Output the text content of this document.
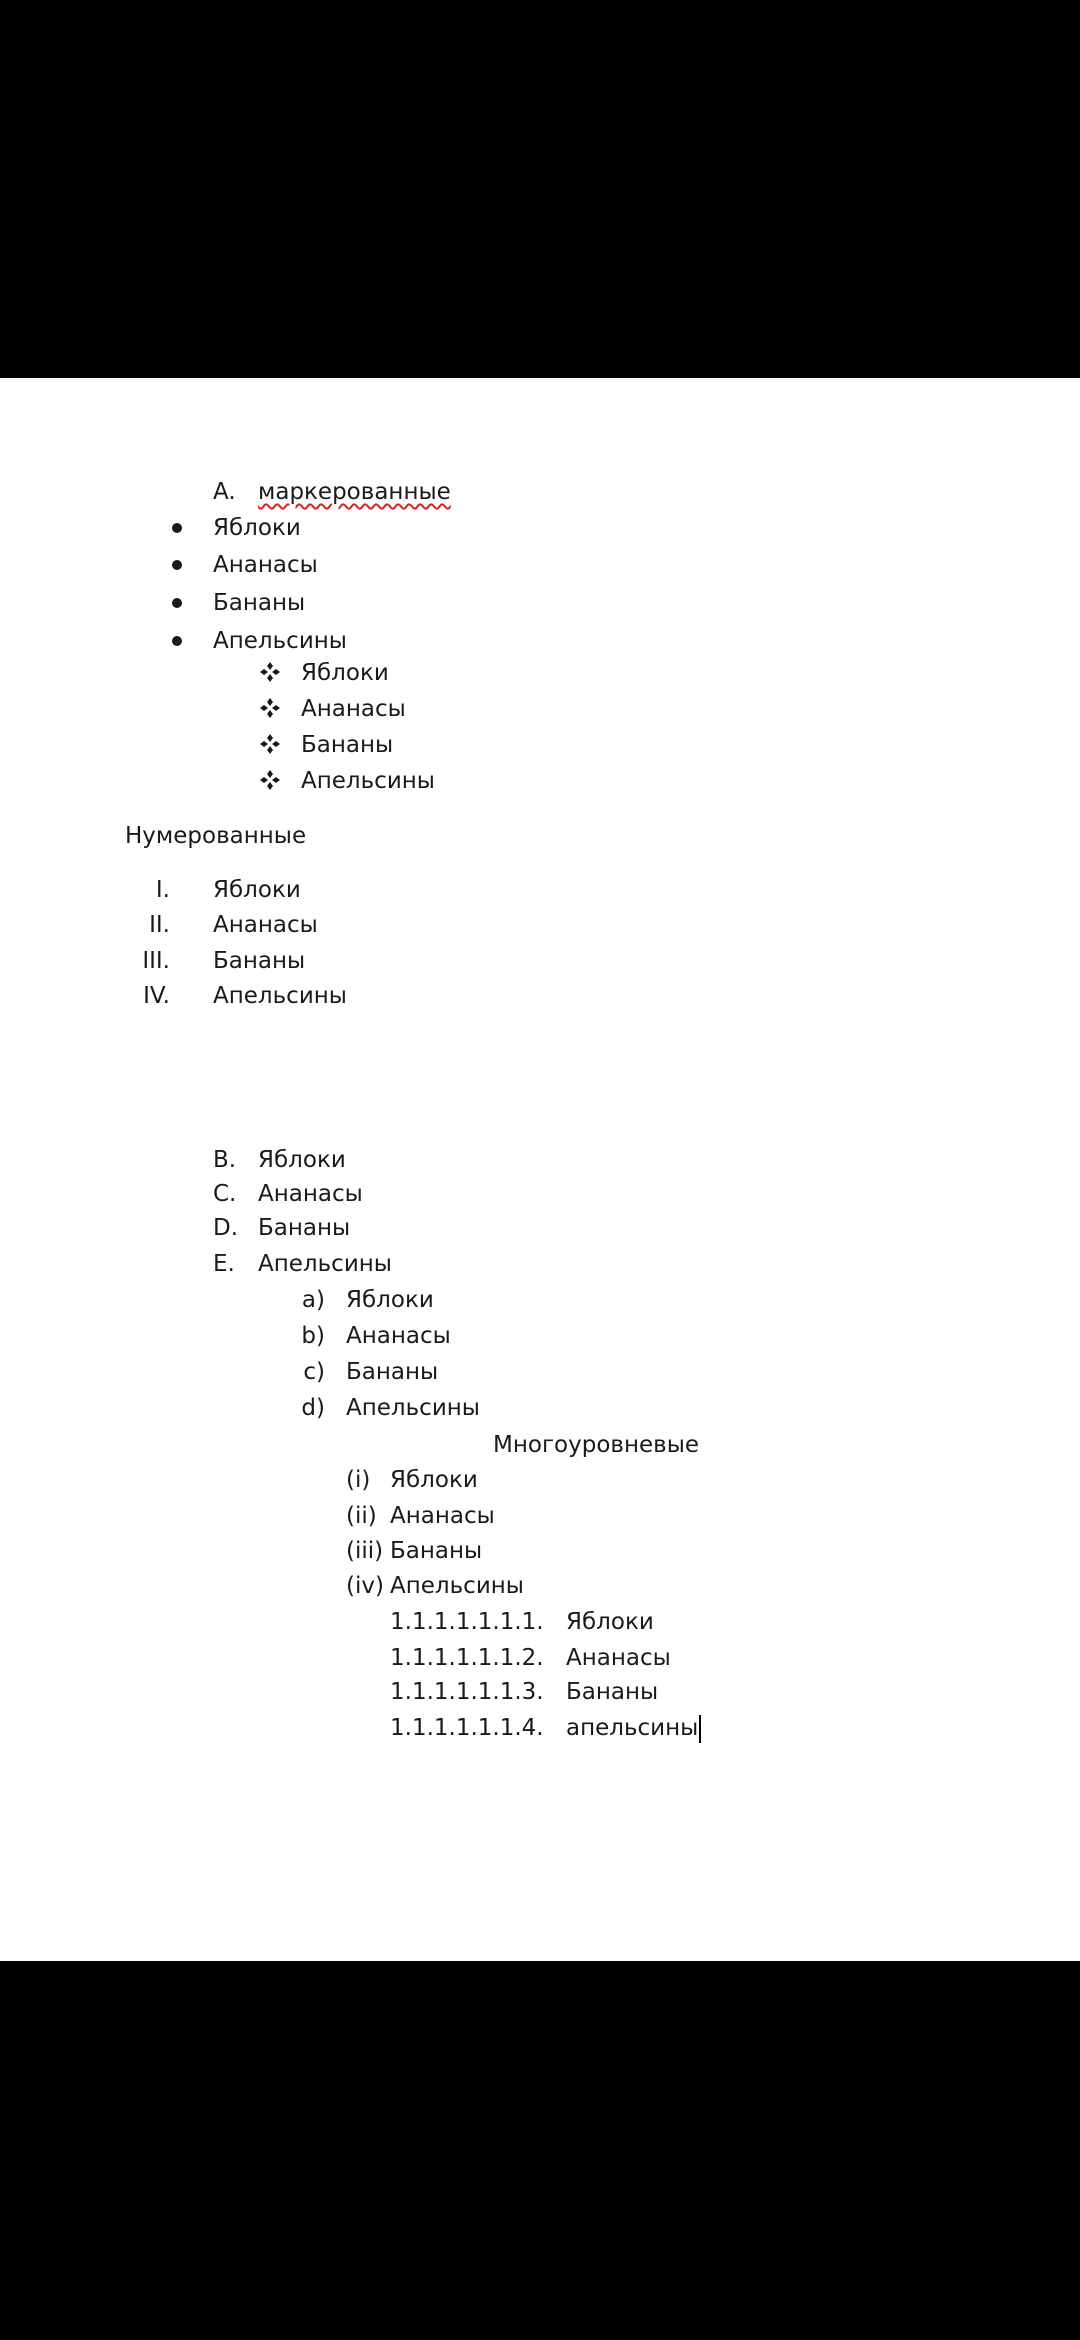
A. маркерованные
Яблоки
Ананасы
Бананы
Апельсины
Яблоки
Ананасы
Бананы
Апельсины
Нумерованные
I. Яблоки
II. Ананасы
III. Бананы
IV. Апельсины
B. Яблоки
C. Ананасы
D. Бананы
E. Апельсины
a) Яблоки
b) Ананасы
c) Бананы
d) Апельсины
Многоуровневые
(i) Яблоки
(ii) Ананасы
(iii) Бананы
(iv) Апельсины
1.1.1.1.1.1.1. Яблоки
1.1.1.1.1.1.2. Ананасы
1.1.1.1.1.1.3. Бананы
1.1.1.1.1.1.4. апельсины
